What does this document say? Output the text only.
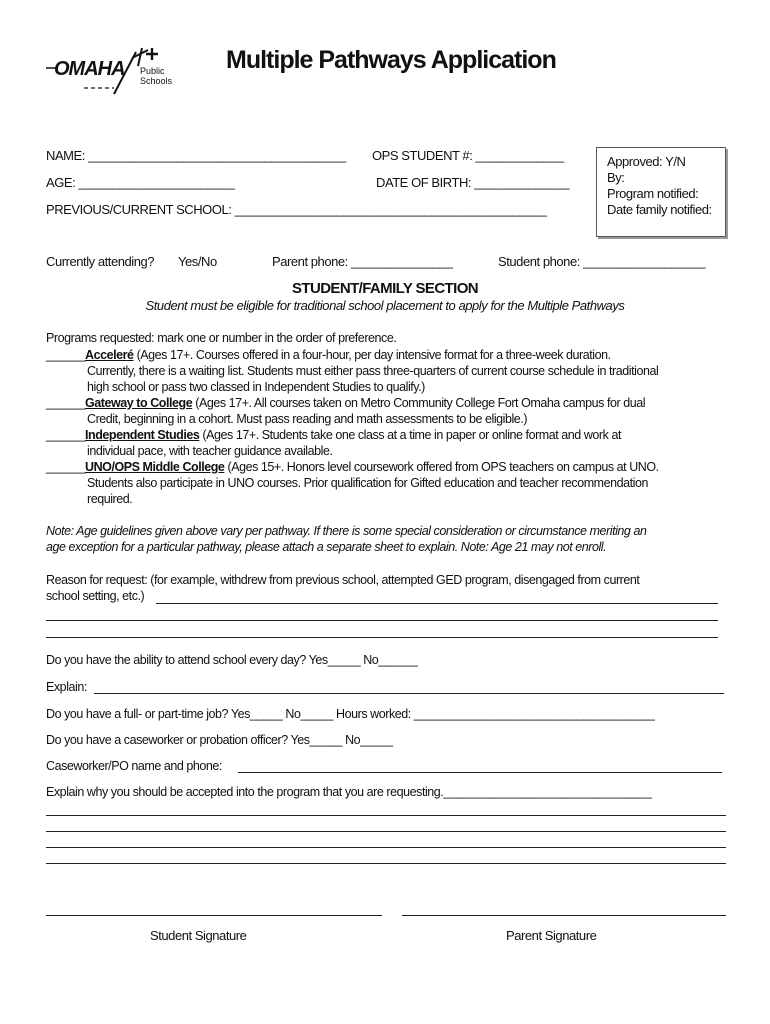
OMAHA Public
Schools
Multiple Pathways Application
NAME: ______________________________________ OPS STUDENT #: _____________
AGE: _______________________	DATE OF BIRTH: ______________
PREVIOUS/CURRENT SCHOOL: ______________________________________________
Approved: Y/N
By:
Program notified:
Date family notified:
Currently attending? Yes/No	Parent phone: _______________	Student phone: __________________
STUDENT/FAMILY SECTION
Student must be eligible for traditional school placement to apply for the Multiple Pathways
Programs requested: mark one or number in the order of preference.

______Acceleré (Ages 17+. Courses offered in a four-hour, per day intensive format for a three-week duration.

Currently, there is a waiting list. Students must either pass three-quarters of current course schedule in traditional

high school or pass two classed in Independent Studies to qualify.)

______Gateway to College (Ages 17+. All courses taken on Metro Community College Fort Omaha campus for dual

Credit, beginning in a cohort. Must pass reading and math assessments to be eligible.)

______Independent Studies (Ages 17+. Students take one class at a time in paper or online format and work at

individual pace, with teacher guidance available.

______UNO/OPS Middle College (Ages 15+. Honors level coursework offered from OPS teachers on campus at UNO.

Students also participate in UNO courses. Prior qualification for Gifted education and teacher recommendation

required.

Note: Age guidelines given above vary per pathway. If there is some special consideration or circumstance meriting an
age exception for a particular pathway, please attach a separate sheet to explain. Note: Age 21 may not enroll.
Reason for request: (for example, withdrew from previous school, attempted GED program, disengaged from current
school setting, etc.)
Do you have the ability to attend school every day? Yes_____ No______
Explain:
Do you have a full- or part-time job? Yes_____ No_____ Hours worked: _____________________________________
Do you have a caseworker or probation officer? Yes_____ No_____
Caseworker/PO name and phone:
Explain why you should be accepted into the program that you are requesting.________________________________
Student Signature	Parent Signature
